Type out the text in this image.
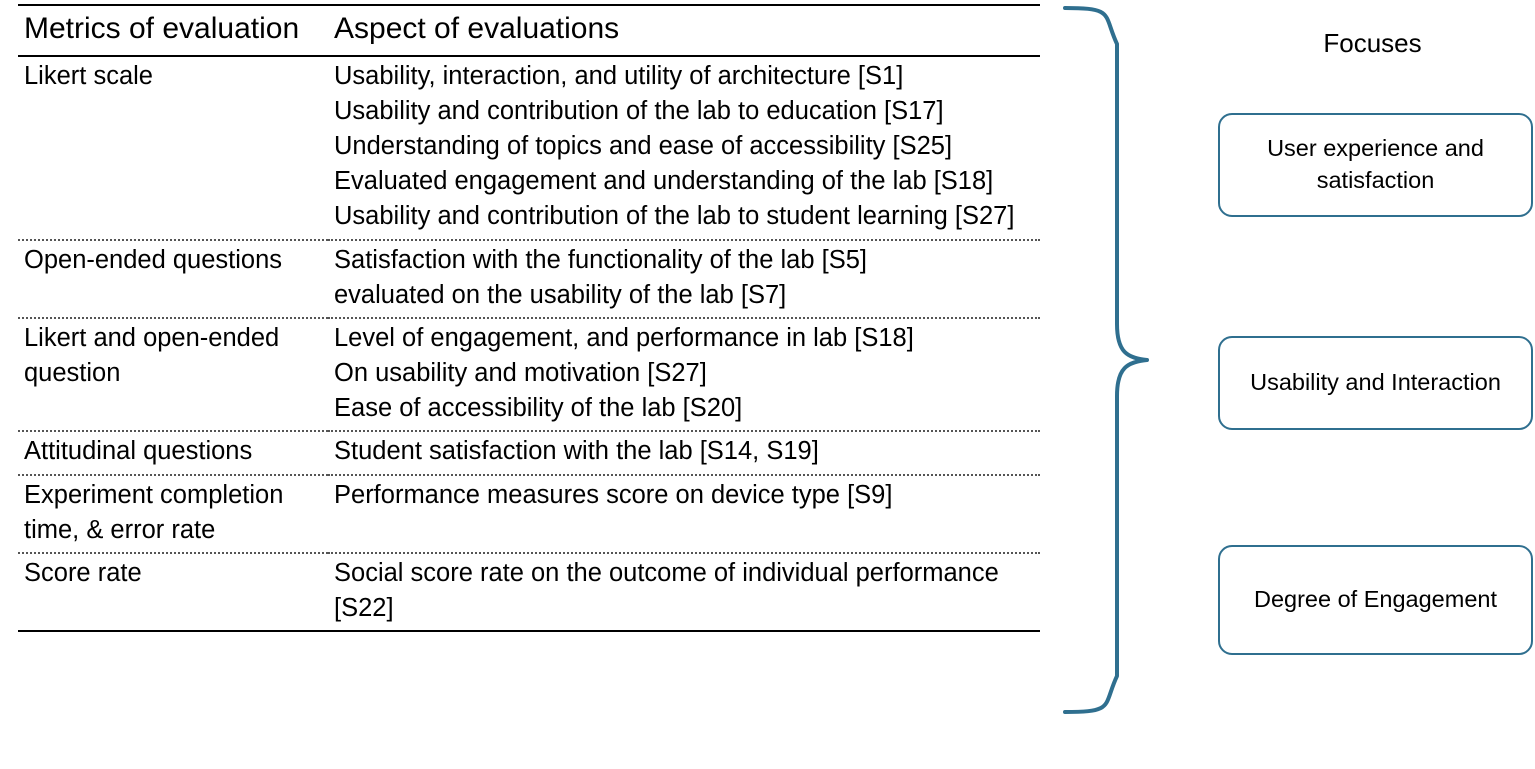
Metrics of evaluation	Aspect of evaluations
Likert scale	Usability, interaction, and utility of architecture [S1]
Usability and contribution of the lab to education [S17]
Understanding of topics and ease of accessibility [S25]
Evaluated engagement and understanding of the lab [S18]
Usability and contribution of the lab to student learning [S27]

Open-ended questions	Satisfaction with the functionality of the lab [S5]
evaluated on the usability of the lab [S7]

Likert and open-ended question	Level of engagement, and performance in lab [S18]
On usability and motivation [S27]
Ease of accessibility of the lab [S20]

Attitudinal questions	Student satisfaction with the lab [S14, S19]

Experiment completion time, & error rate	Performance measures score on device type [S9]

Score rate	Social score rate on the outcome of individual performance [S22]
Focuses
User experience and satisfaction
Usability and Interaction
Degree of Engagement
